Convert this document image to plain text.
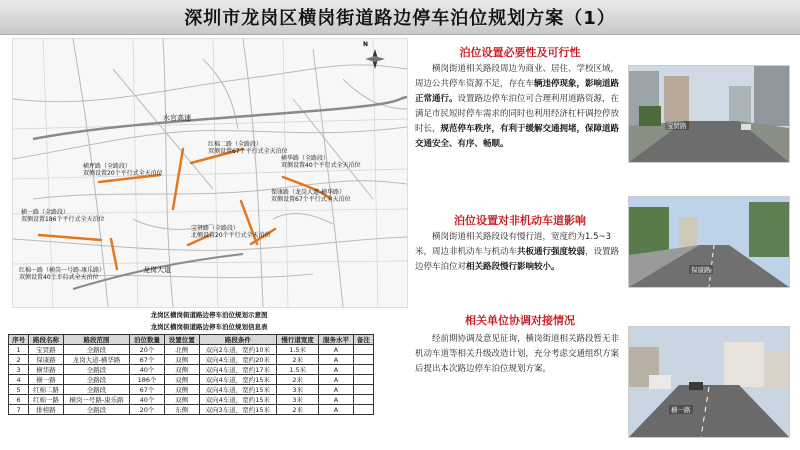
深圳市龙岗区横岗街道路边停车泊位规划方案（1）
N
横坪路（全路段）
双侧设置20个平行式全天泊位
红棉二路（全路段）
双侧设置67个平行式全天泊位
横华路（全路段）
双侧设置40个平行式全天泊位
横一路（全路段）
双侧设置186个平行式全天泊位
保康路（龙岗大道-横华路）
双侧设置67个平行式全天泊位
红棉一路（横岗一号路-康乐路）
双侧设置40个平行式全天泊位
宝贤路（全路段）
北侧设置20个平行式全天泊位
龙岗大道
水官高速
龙岗区横岗街道路边停车泊位规划示意图
龙岗区横岗街道路边停车泊位规划信息表
序号	路段名称	路段范围	泊位数量	设置位置	路段条件	慢行道宽度	服务水平	备注
1	宝贤路	全路段	20个	北侧	双向2车道，宽约10米	1.5米	A	
2	保康路	龙岗大道-横华路	67个	双侧	双向4车道，宽约20米	2米	A	
3	横华路	全路段	40个	双侧	双向4车道，宽约17米	1.5米	A	
4	横一路	全路段	186个	双侧	双向4车道，宽约15米	2米	A	
5	红棉二路	全路段	67个	双侧	双向4车道，宽约15米	3米	A	
6	红棉一路	横岗一号路-康乐路	40个	双侧	双向4车道，宽约15米	3米	A	
7	排榜路	全路段	20个	东侧	双向3车道，宽约15米	2米	A	
泊位设置必要性及可行性
横岗街道相关路段周边为商业、居住、学校区域，周边公共停车资源不足，存在车辆违停现象，影响道路正常通行。设置路边停车泊位可合理利用道路资源，在满足市民短时停车需求的同时也利用经济杠杆调控停放时长，规范停车秩序，有利于缓解交通拥堵，保障道路交通安全、有序、畅顺。
泊位设置对非机动车道影响
横岗街道相关路段设有慢行道，宽度约为1.5~3米，周边非机动车与机动车共板通行强度较弱，设置路边停车泊位对相关路段慢行影响较小。
相关单位协调对接情况
经前期协调及意见征询，横岗街道相关路段暂无非机动车道等相关升级改造计划，充分考虑交通组织方案后提出本次路边停车泊位规划方案。
宝贤路
保康路
横一路
